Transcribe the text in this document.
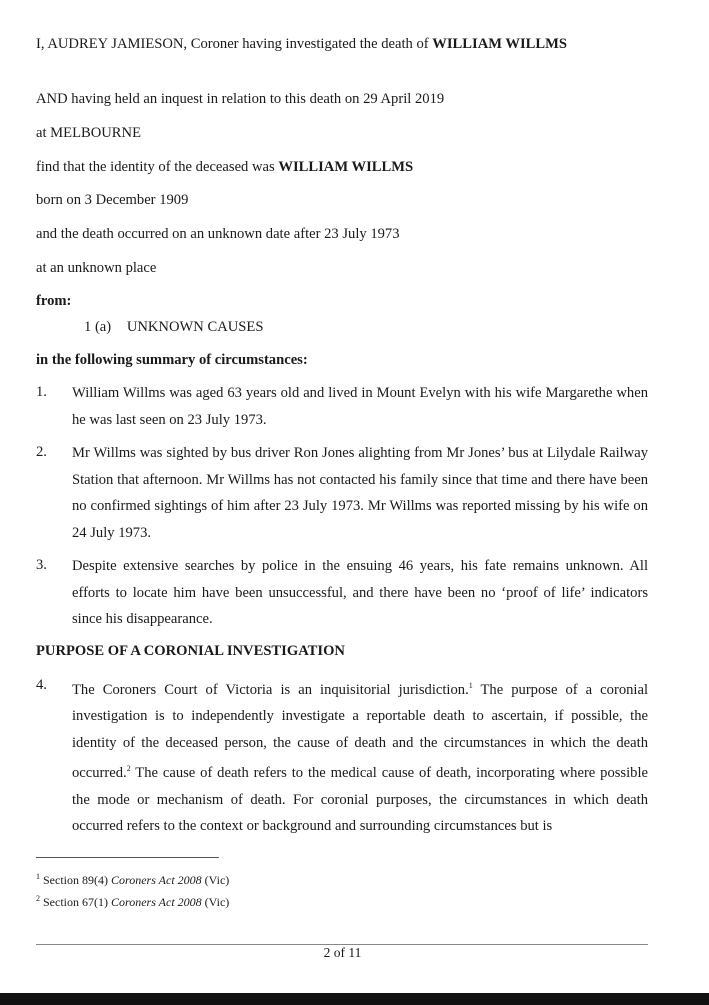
I, AUDREY JAMIESON, Coroner having investigated the death of WILLIAM WILLMS
AND having held an inquest in relation to this death on 29 April 2019
at MELBOURNE
find that the identity of the deceased was WILLIAM WILLMS
born on 3 December 1909
and the death occurred on an unknown date after 23 July 1973
at an unknown place
from:
1 (a) UNKNOWN CAUSES
in the following summary of circumstances:
1. William Willms was aged 63 years old and lived in Mount Evelyn with his wife Margarethe when he was last seen on 23 July 1973.
2. Mr Willms was sighted by bus driver Ron Jones alighting from Mr Jones’ bus at Lilydale Railway Station that afternoon. Mr Willms has not contacted his family since that time and there have been no confirmed sightings of him after 23 July 1973. Mr Willms was reported missing by his wife on 24 July 1973.
3. Despite extensive searches by police in the ensuing 46 years, his fate remains unknown. All efforts to locate him have been unsuccessful, and there have been no ‘proof of life’ indicators since his disappearance.
PURPOSE OF A CORONIAL INVESTIGATION
4. The Coroners Court of Victoria is an inquisitorial jurisdiction.$^1$ The purpose of a coronial investigation is to independently investigate a reportable death to ascertain, if possible, the identity of the deceased person, the cause of death and the circumstances in which the death occurred.$^2$ The cause of death refers to the medical cause of death, incorporating where possible the mode or mechanism of death. For coronial purposes, the circumstances in which death occurred refers to the context or background and surrounding circumstances but is
$^1$ Section 89(4) Coroners Act 2008 (Vic)
$^2$ Section 67(1) Coroners Act 2008 (Vic)
2 of 11
